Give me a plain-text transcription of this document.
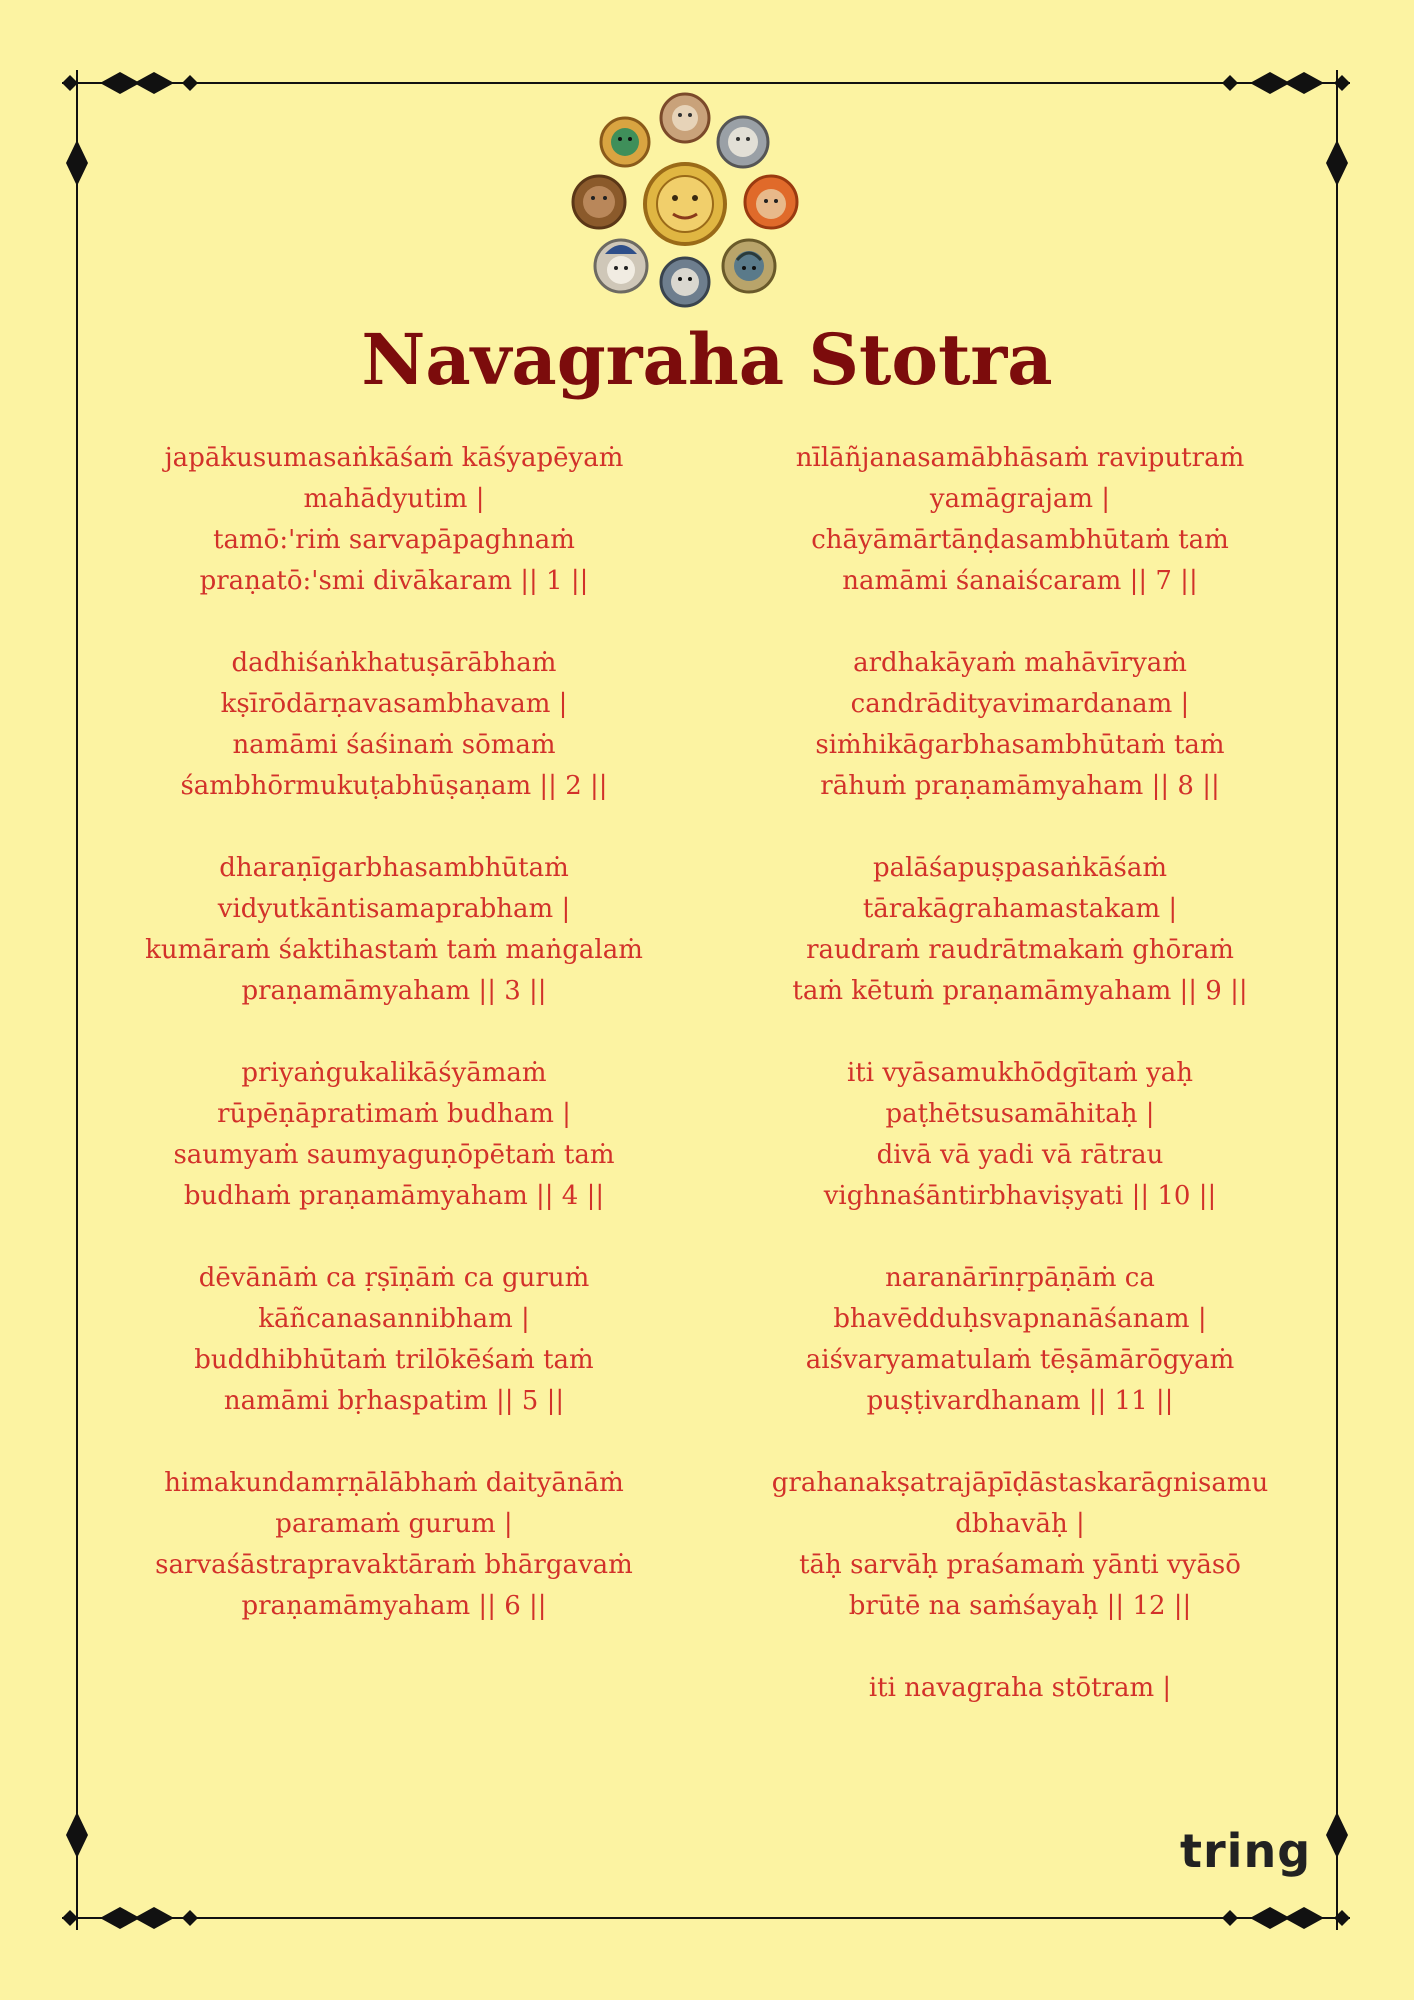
Navagraha Stotra
japākusumasaṅkāśaṁ kāśyapēyaṁ
mahādyutim |
tamō:'riṁ sarvapāpaghnaṁ
praṇatō:'smi divākaram || 1 ||
dadhiśaṅkhatuṣārābhaṁ
kṣīrōdārṇavasambhavam |
namāmi śaśinaṁ sōmaṁ
śambhōrmukuṭabhūṣaṇam || 2 ||
dharaṇīgarbhasambhūtaṁ
vidyutkāntisamaprabham |
kumāraṁ śaktihastaṁ taṁ maṅgalaṁ
praṇamāmyaham || 3 ||
priyaṅgukalikāśyāmaṁ
rūpēṇāpratimaṁ budham |
saumyaṁ saumyaguṇōpētaṁ taṁ
budhaṁ praṇamāmyaham || 4 ||
dēvānāṁ ca ṛṣīṇāṁ ca guruṁ
kāñcanasannibham |
buddhibhūtaṁ trilōkēśaṁ taṁ
namāmi bṛhaspatim || 5 ||
himakundamṛṇālābhaṁ daityānāṁ
paramaṁ gurum |
sarvaśāstrapravaktāraṁ bhārgavaṁ
praṇamāmyaham || 6 ||
nīlāñjanasamābhāsaṁ raviputraṁ
yamāgrajam |
chāyāmārtāṇḍasambhūtaṁ taṁ
namāmi śanaiścaram || 7 ||
ardhakāyaṁ mahāvīryaṁ
candrādityavimardanam |
siṁhikāgarbhasambhūtaṁ taṁ
rāhuṁ praṇamāmyaham || 8 ||
palāśapuṣpasaṅkāśaṁ
tārakāgrahamastakam |
raudraṁ raudrātmakaṁ ghōraṁ
taṁ kētuṁ praṇamāmyaham || 9 ||
iti vyāsamukhōdgītaṁ yaḥ
paṭhētsusamāhitaḥ |
divā vā yadi vā rātrau
vighnaśāntirbhaviṣyati || 10 ||
naranārīnṛpāṇāṁ ca
bhavēdduḥsvapnanāśanam |
aiśvaryamatulaṁ tēṣāmārōgyaṁ
puṣṭivardhanam || 11 ||
grahanakṣatrajāpīḍāstaskarāgnisamu
dbhavāḥ |
tāḥ sarvāḥ praśamaṁ yānti vyāsō
brūtē na saṁśayaḥ || 12 ||
iti navagraha stōtram |
tring
